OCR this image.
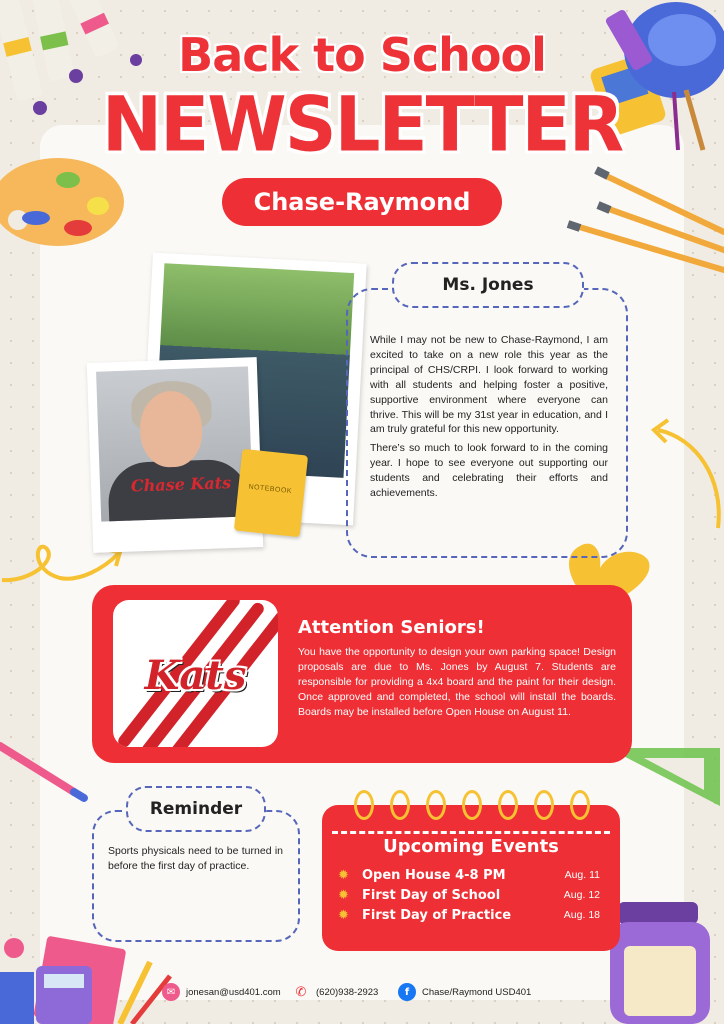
Back to School
NEWSLETTER
Chase-Raymond
Chase Kats	NOTEBOOK
Ms. Jones

While I may not be new to Chase-Raymond, I am excited to take on a new role this year as the principal of CHS/CRPI. I look forward to working with all students and helping foster a positive, supportive environment where everyone can thrive. This will be my 31st year in education, and I am truly grateful for this new opportunity.

There’s so much to look forward to in the coming year. I hope to see everyone out supporting our students and celebrating their efforts and achievements.

Kats
Attention Seniors!
You have the opportunity to design your own parking space! Design proposals are due to Ms. Jones by August 7. Students are responsible for providing a 4x4 board and the paint for their design. Once approved and completed, the school will install the boards. Boards may be installed before Open House on August 11.
Reminder
Sports physicals need to be turned in before the first day of practice.
Upcoming Events
✹	Open House 4-8 PM	Aug. 11
✹	First Day of School	Aug. 12
✹	First Day of Practice	Aug. 18
✉	jonesan@usd401.com ✆	(620)938-2923	f	Chase/Raymond USD401
